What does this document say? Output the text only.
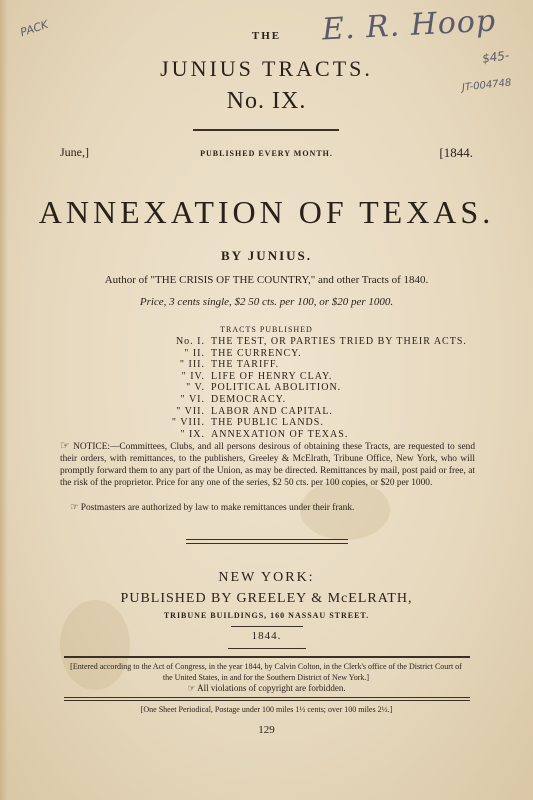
E. R. Hoop
PACK
$45-
JT-004748
THE
JUNIUS TRACTS.
No. IX.
June,]	PUBLISHED EVERY MONTH.	[1844.
ANNEXATION OF TEXAS.
BY JUNIUS.
Author of "THE CRISIS OF THE COUNTRY," and other Tracts of 1840.
Price, 3 cents single, $2 50 cts. per 100, or $20 per 1000.
TRACTS PUBLISHED
No. I. THE TEST, OR PARTIES TRIED BY THEIR ACTS.
" II. THE CURRENCY.
" III. THE TARIFF.
" IV. LIFE OF HENRY CLAY.
" V. POLITICAL ABOLITION.
" VI. DEMOCRACY.
" VII. LABOR AND CAPITAL.
" VIII. THE PUBLIC LANDS.
" IX. ANNEXATION OF TEXAS.
☞ NOTICE:—Committees, Clubs, and all persons desirous of obtaining these Tracts, are requested to send their orders, with remittances, to the publishers, Greeley & McElrath, Tribune Office, New York, who will promptly forward them to any part of the Union, as may be directed. Remittances by mail, post paid or free, at the risk of the proprietor. Price for any one of the series, $2 50 cts. per 100 copies, or $20 per 1000.
☞ Postmasters are authorized by law to make remittances under their frank.
NEW YORK:
PUBLISHED BY GREELEY & McELRATH,
TRIBUNE BUILDINGS, 160 NASSAU STREET.
1844.
[Entered according to the Act of Congress, in the year 1844, by Calvin Colton, in the Clerk's office of the District Court of the United States, in and for the Southern District of New York.]
☞ All violations of copyright are forbidden.
[One Sheet Periodical, Postage under 100 miles 1½ cents; over 100 miles 2½.]
129
